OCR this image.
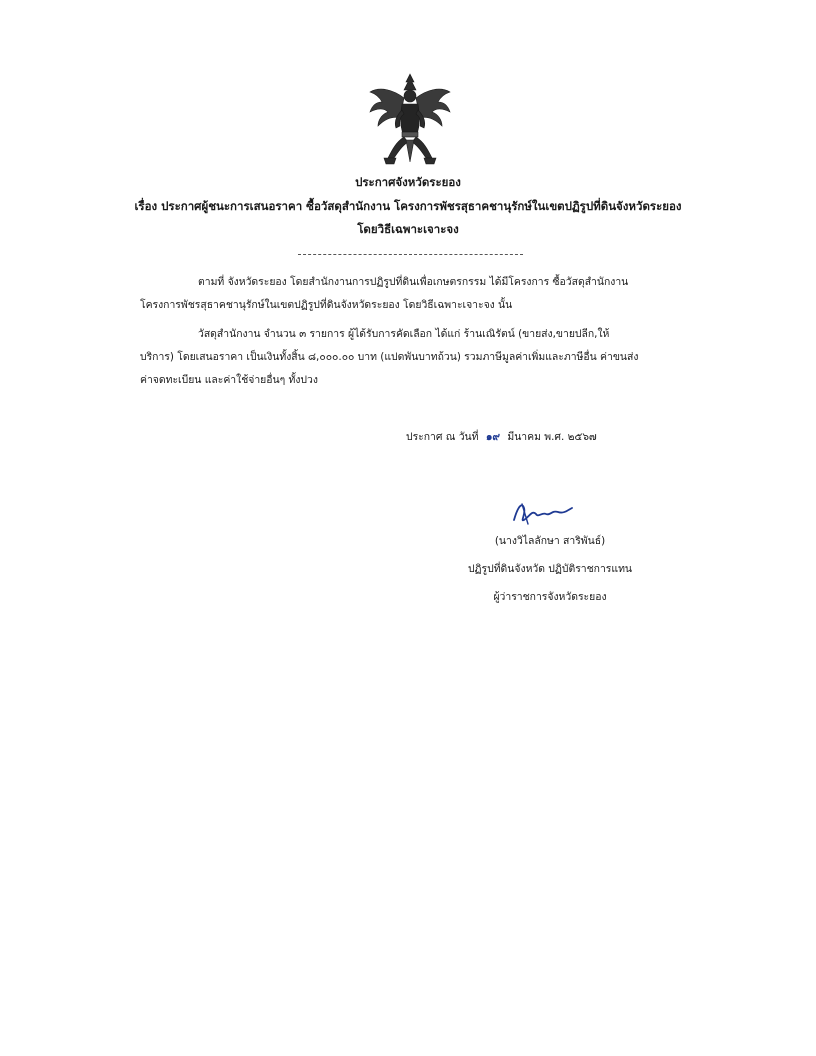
ประกาศจังหวัดระยอง
เรื่อง ประกาศผู้ชนะการเสนอราคา ซื้อวัสดุสำนักงาน โครงการพัชรสุธาคชานุรักษ์ในเขตปฏิรูปที่ดินจังหวัดระยอง
โดยวิธีเฉพาะเจาะจง
ตามที่ จังหวัดระยอง โดยสำนักงานการปฏิรูปที่ดินเพื่อเกษตรกรรม ได้มีโครงการ ซื้อวัสดุสำนักงาน
โครงการพัชรสุธาคชานุรักษ์ในเขตปฏิรูปที่ดินจังหวัดระยอง โดยวิธีเฉพาะเจาะจง นั้น
วัสดุสำนักงาน จำนวน ๓ รายการ ผู้ได้รับการคัดเลือก ได้แก่ ร้านเณิรัตน์ (ขายส่ง,ขายปลีก,ให้
บริการ) โดยเสนอราคา เป็นเงินทั้งสิ้น ๘,๐๐๐.๐๐ บาท (แปดพันบาทถ้วน) รวมภาษีมูลค่าเพิ่มและภาษีอื่น ค่าขนส่ง
ค่าจดทะเบียน และค่าใช้จ่ายอื่นๆ ทั้งปวง
ประกาศ ณ วันที่ ๑๙ มีนาคม พ.ศ. ๒๕๖๗
(นางวิไลลักษา สาริพันธ์)
ปฏิรูปที่ดินจังหวัด ปฏิบัติราชการแทน
ผู้ว่าราชการจังหวัดระยอง
